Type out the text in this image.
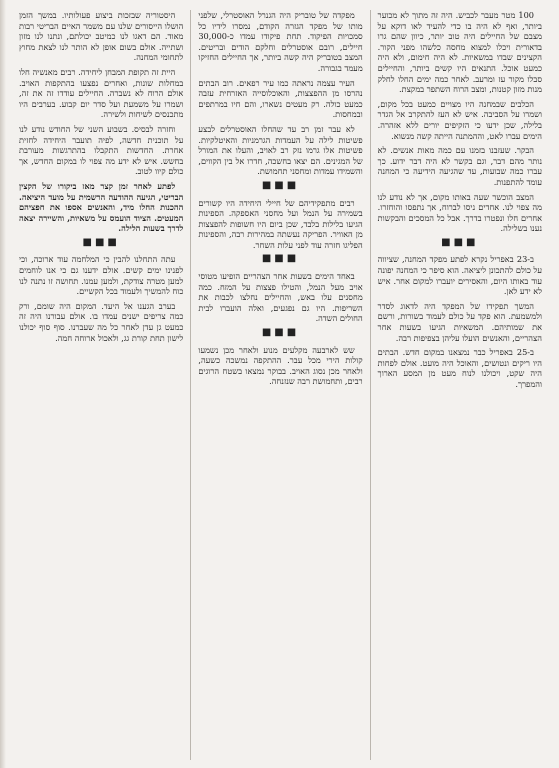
100 מטר מעבר לכביש. היה זה מתוך לא מכוער ביותר, ואף לא היה בו כדי להעיד לאו דוקא על מצבם של החיילים היה טוב יותר, כיוון שהם גרו בדאורית ויכלו למצוא מחסה כלשהו מפני הקור. הקצינים שבדו במשאיות. לא היה חימום, ולא היה כמעט אוכל. התנאים היו קשים ביותר, והחיילים סבלו מקור עז ומרעב. לאחר כמה ימים החלו לחלק מנות מזון קטנות, ומצב הרוח השתפר במקצת.

הכלבים שבמחנה היו מצויים כמעט בכל מקום, ושמרו על הסביבה. איש לא העז להתקרב אל הגדר בלילה, שכן ידעו כי הזקיפים יורים ללא אזהרה. הימים עברו לאט, וההמתנה הייתה קשה מנשוא.

הבקר. שעזבנו בזמנו עם כמה מאות אנשים. לא נותר מהם דבר, וגם בקשר לא היה דבר ידוע. כך עברו כמה שבועות, עד שהגיעה הידיעה כי המחנה עומד להתפנות.

המצב הוכשר שעה באותו מקום, אך לא נודע לנו מה צפוי לנו. אחדים ניסו לברוח, אך נתפסו והוחזרו. אחרים חלו ונפטרו בדרך. אבל כל המסכים והבקשות נענו בשלילה.

■■■

ב-23 באפריל נקרא לפתע מפקד המחנה, שציווה על כולם להתכונן ליציאה. הוא סיפר כי המחנה יפונה עוד באותו היום, והאסירים יועברו למקום אחר. איש לא ידע לאן.

המשך תפקידו של המפקד היה לדאוג לסדר ולמשמעת. הוא פקד על כולם לעמוד בשורות, ורשם את שמותיהם. המשאיות הגיעו בשעות אחר הצהריים, והאנשים הועלו עליהן בצפיפות רבה.

ב-25 באפריל כבר נמצאנו במקום חדש. הבתים היו ריקים ונטושים, והאוכל היה מועט. אולם לפחות היה שקט, ויכולנו לנוח מעט מן המסע הארוך והמפרך.

מפקדה של טובריק היה הגנרל האוסטרלי, שלפני מותו של מפקד הגזרה הקודם, נמסרו לידיו כל סמכויות הפיקוד. תחת פיקודו עמדו כ-30,000 חיילים, רובם אוסטרלים וחלקם הודים ובריטים. המצב בטובריק היה קשה ביותר, אך החיילים החזיקו מעמד בגבורה.

העיר עצמה נראתה כמו עיר רפאים. רוב הבתים נהרסו מן ההפצצות, והאוכלוסייה האזרחית עזבה כמעט כולה. רק מעטים נשארו, והם חיו במרתפים ובמחסות.

לא עבר זמן רב עד שהחלו האוסטרלים לבצע פשיטות לילה על העמדות הגרמניות והאיטלקיות. פשיטות אלו גרמו נזק רב לאויב, והעלו את המורל של המגינים. הם יצאו בחשכה, חדרו אל בין הקווים, והשמידו עמדות ומחסני תחמושת.

■■■

רבים מתפקידיהם של חיילי היחידה היו קשורים בשמירה על הנמל ועל מחסני האספקה. הספינות הגיעו בלילות בלבד, שכן ביום היו חשופות להפצצות מן האוויר. הפריקה נעשתה במהירות רבה, והספינות הפליגו חזרה עוד לפני עלות השחר.

■■■

באחד הימים בשעות אחר הצהריים הופיעו מטוסי אויב מעל הנמל, והטילו פצצות על המזח. כמה מחסנים עלו באש, והחיילים נחלצו לכבות את השריפות. היו גם נפגעים, ואלה הועברו לבית החולים השדה.

■■■

שש לארבעה מקלעים מנוע ולאחר מכן נשמעו קולות הירי מכל עבר. ההתקפה נמשכה כשעה, ולאחר מכן נסוג האויב. בבוקר נמצאו בשטח הרוגים רבים, ותחמושת רבה שנזנחה.

היסטוריה שבזכות ביצוע פעולותיו. במשך הזמן הושלו הייסורים שלנו עם משמר האיים הבריטי רבות מאוד. הם דאגו לנו כמיטב יכולתם, ונתנו לנו מזון ושתייה. אולם בשום אופן לא הותר לנו לצאת מחוץ לתחומי המחנה.

היית זה תקופת המבחן ליחידה. רבים מאנשיה חלו במחלות שונות, ואחרים נפצעו בהתקפות האויב. אולם הרוח לא נשברה. החיילים עודדו זה את זה, ושמרו על משמעת ועל סדר יום קבוע. בערבים היו מתכנסים לשיחות ולשירה.

וחזרה לבסיס. בשבוע השני של החודש נודע לנו על תוכנית חדשה, לפיה תועבר היחידה לחזית אחרת. החדשות התקבלו בהתרגשות מעורבת בחשש. איש לא ידע מה צפוי לו במקום החדש, אך כולם קיוו לטוב.

לפתע לאחר זמן קצר מאז ביקורו של הקצין הבריטי, הגיעה ההודעה הרשמית על מועד היציאה. ההכנות החלו מיד, והאנשים אספו את חפציהם המעטים. הציוד הועמס על משאיות, והשיירה יצאה לדרך בשעות הלילה.

■■■

עתה התחלנו להבין כי המלחמה עוד ארוכה, וכי לפנינו ימים קשים. אולם ידענו גם כי אנו לוחמים למען מטרה צודקת, ולמען עמנו. תחושה זו נתנה לנו כוח להמשיך ולעמוד בכל הקשיים.

בערב הגענו אל היעד. המקום היה שומם, ורק כמה צריפים ישנים עמדו בו. אולם עבורנו היה זה כמעט גן עדן לאחר כל מה שעברנו. סוף סוף יכולנו לישון תחת קורת גג, ולאכול ארוחה חמה.
